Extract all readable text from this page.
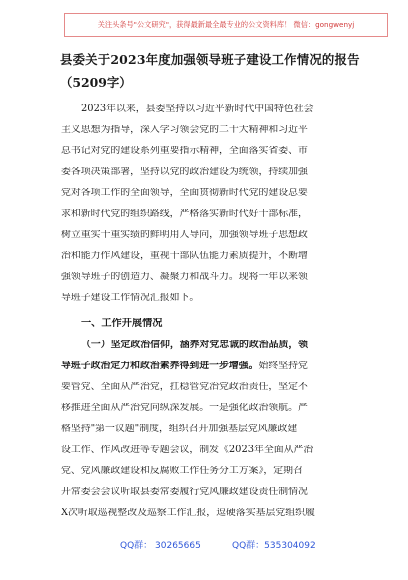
关注头条号"公文研究"，获得最新最全最专业的公文资料库！ 微信：gongwenyj
县委关于2023年度加强领导班子建设工作情况的报告
（5209字）
2023年以来，县委坚持以习近平新时代中国特色社会
主义思想为指导，深入学习领会党的二十大精神和习近平
总书记对党的建设系列重要指示精神，全面落实省委、市
委各项决策部署，坚持以党的政治建设为统领，持续加强
党对各项工作的全面领导，全面贯彻新时代党的建设总要
求和新时代党的组织路线，严格落实新时代好干部标准，
树立重实干重实绩的鲜明用人导向，加强领导班子思想政
治和能力作风建设，重视干部队伍能力素质提升，不断增
强领导班子的创造力、凝聚力和战斗力。现将一年以来领
导班子建设工作情况汇报如下。
一、工作开展情况
（一）坚定政治信仰，涵养对党忠诚的政治品质，领
导班子政治定力和政治素养得到进一步增强。始终坚持党
要管党、全面从严治党，扛稳管党治党政治责任，坚定不
移推进全面从严治党向纵深发展。一是强化政治领航。严
格坚持"第一议题"制度，组织召开加强基层党风廉政建
设工作、作风改进等专题会议，制发《2023年全面从严治
党、党风廉政建设和反腐败工作任务分工方案》，定期召
开常委会会议听取县委常委履行党风廉政建设责任制情况
X次听取巡视整改及巡察工作汇报，逗硬落实基层党组织履
QQ群： 30265665	QQ群：535304092
